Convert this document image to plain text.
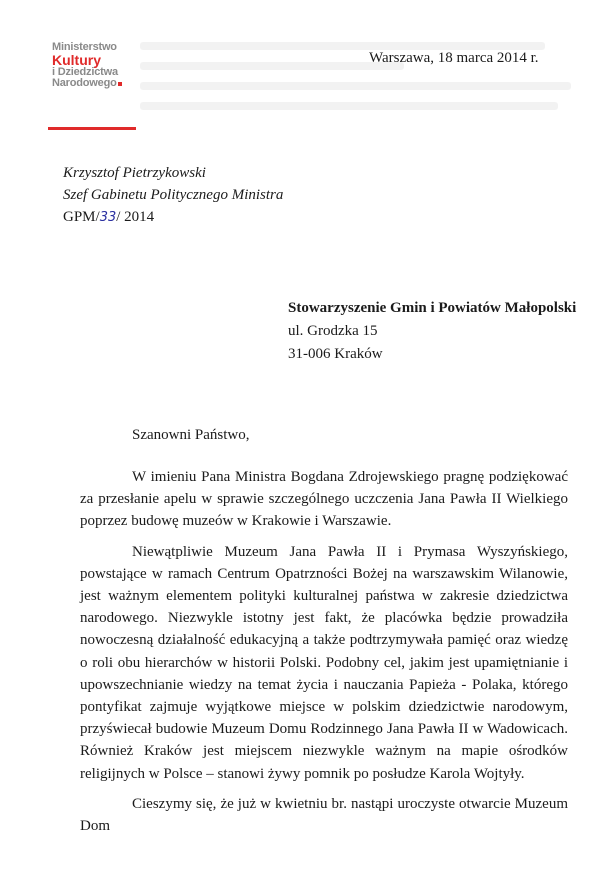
Ministerstwo
Kultury
i Dziedzictwa
Narodowego
Warszawa, 18 marca 2014 r.
Krzysztof Pietrzykowski
Szef Gabinetu Politycznego Ministra
GPM/33/ 2014
Stowarzyszenie Gmin i Powiatów Małopolski
ul. Grodzka 15
31-006 Kraków
Szanowni Państwo,

W imieniu Pana Ministra Bogdana Zdrojewskiego pragnę podziękować za przesłanie apelu w sprawie szczególnego uczczenia Jana Pawła II Wielkiego poprzez budowę muzeów w Krakowie i Warszawie.

Niewątpliwie Muzeum Jana Pawła II i Prymasa Wyszyńskiego, powstające w ramach Centrum Opatrzności Bożej na warszawskim Wilanowie, jest ważnym elementem polityki kulturalnej państwa w zakresie dziedzictwa narodowego. Niezwykle istotny jest fakt, że placówka będzie prowadziła nowoczesną działalność edukacyjną a także podtrzymywała pamięć oraz wiedzę o roli obu hierarchów w historii Polski. Podobny cel, jakim jest upamiętnianie i upowszechnianie wiedzy na temat życia i nauczania Papieża - Polaka, którego pontyfikat zajmuje wyjątkowe miejsce w polskim dziedzictwie narodowym, przyświecał budowie Muzeum Domu Rodzinnego Jana Pawła II w Wadowicach. Również Kraków jest miejscem niezwykle ważnym na mapie ośrodków religijnych w Polsce – stanowi żywy pomnik po posłudze Karola Wojtyły.

Cieszymy się, że już w kwietniu br. nastąpi uroczyste otwarcie Muzeum Dom
